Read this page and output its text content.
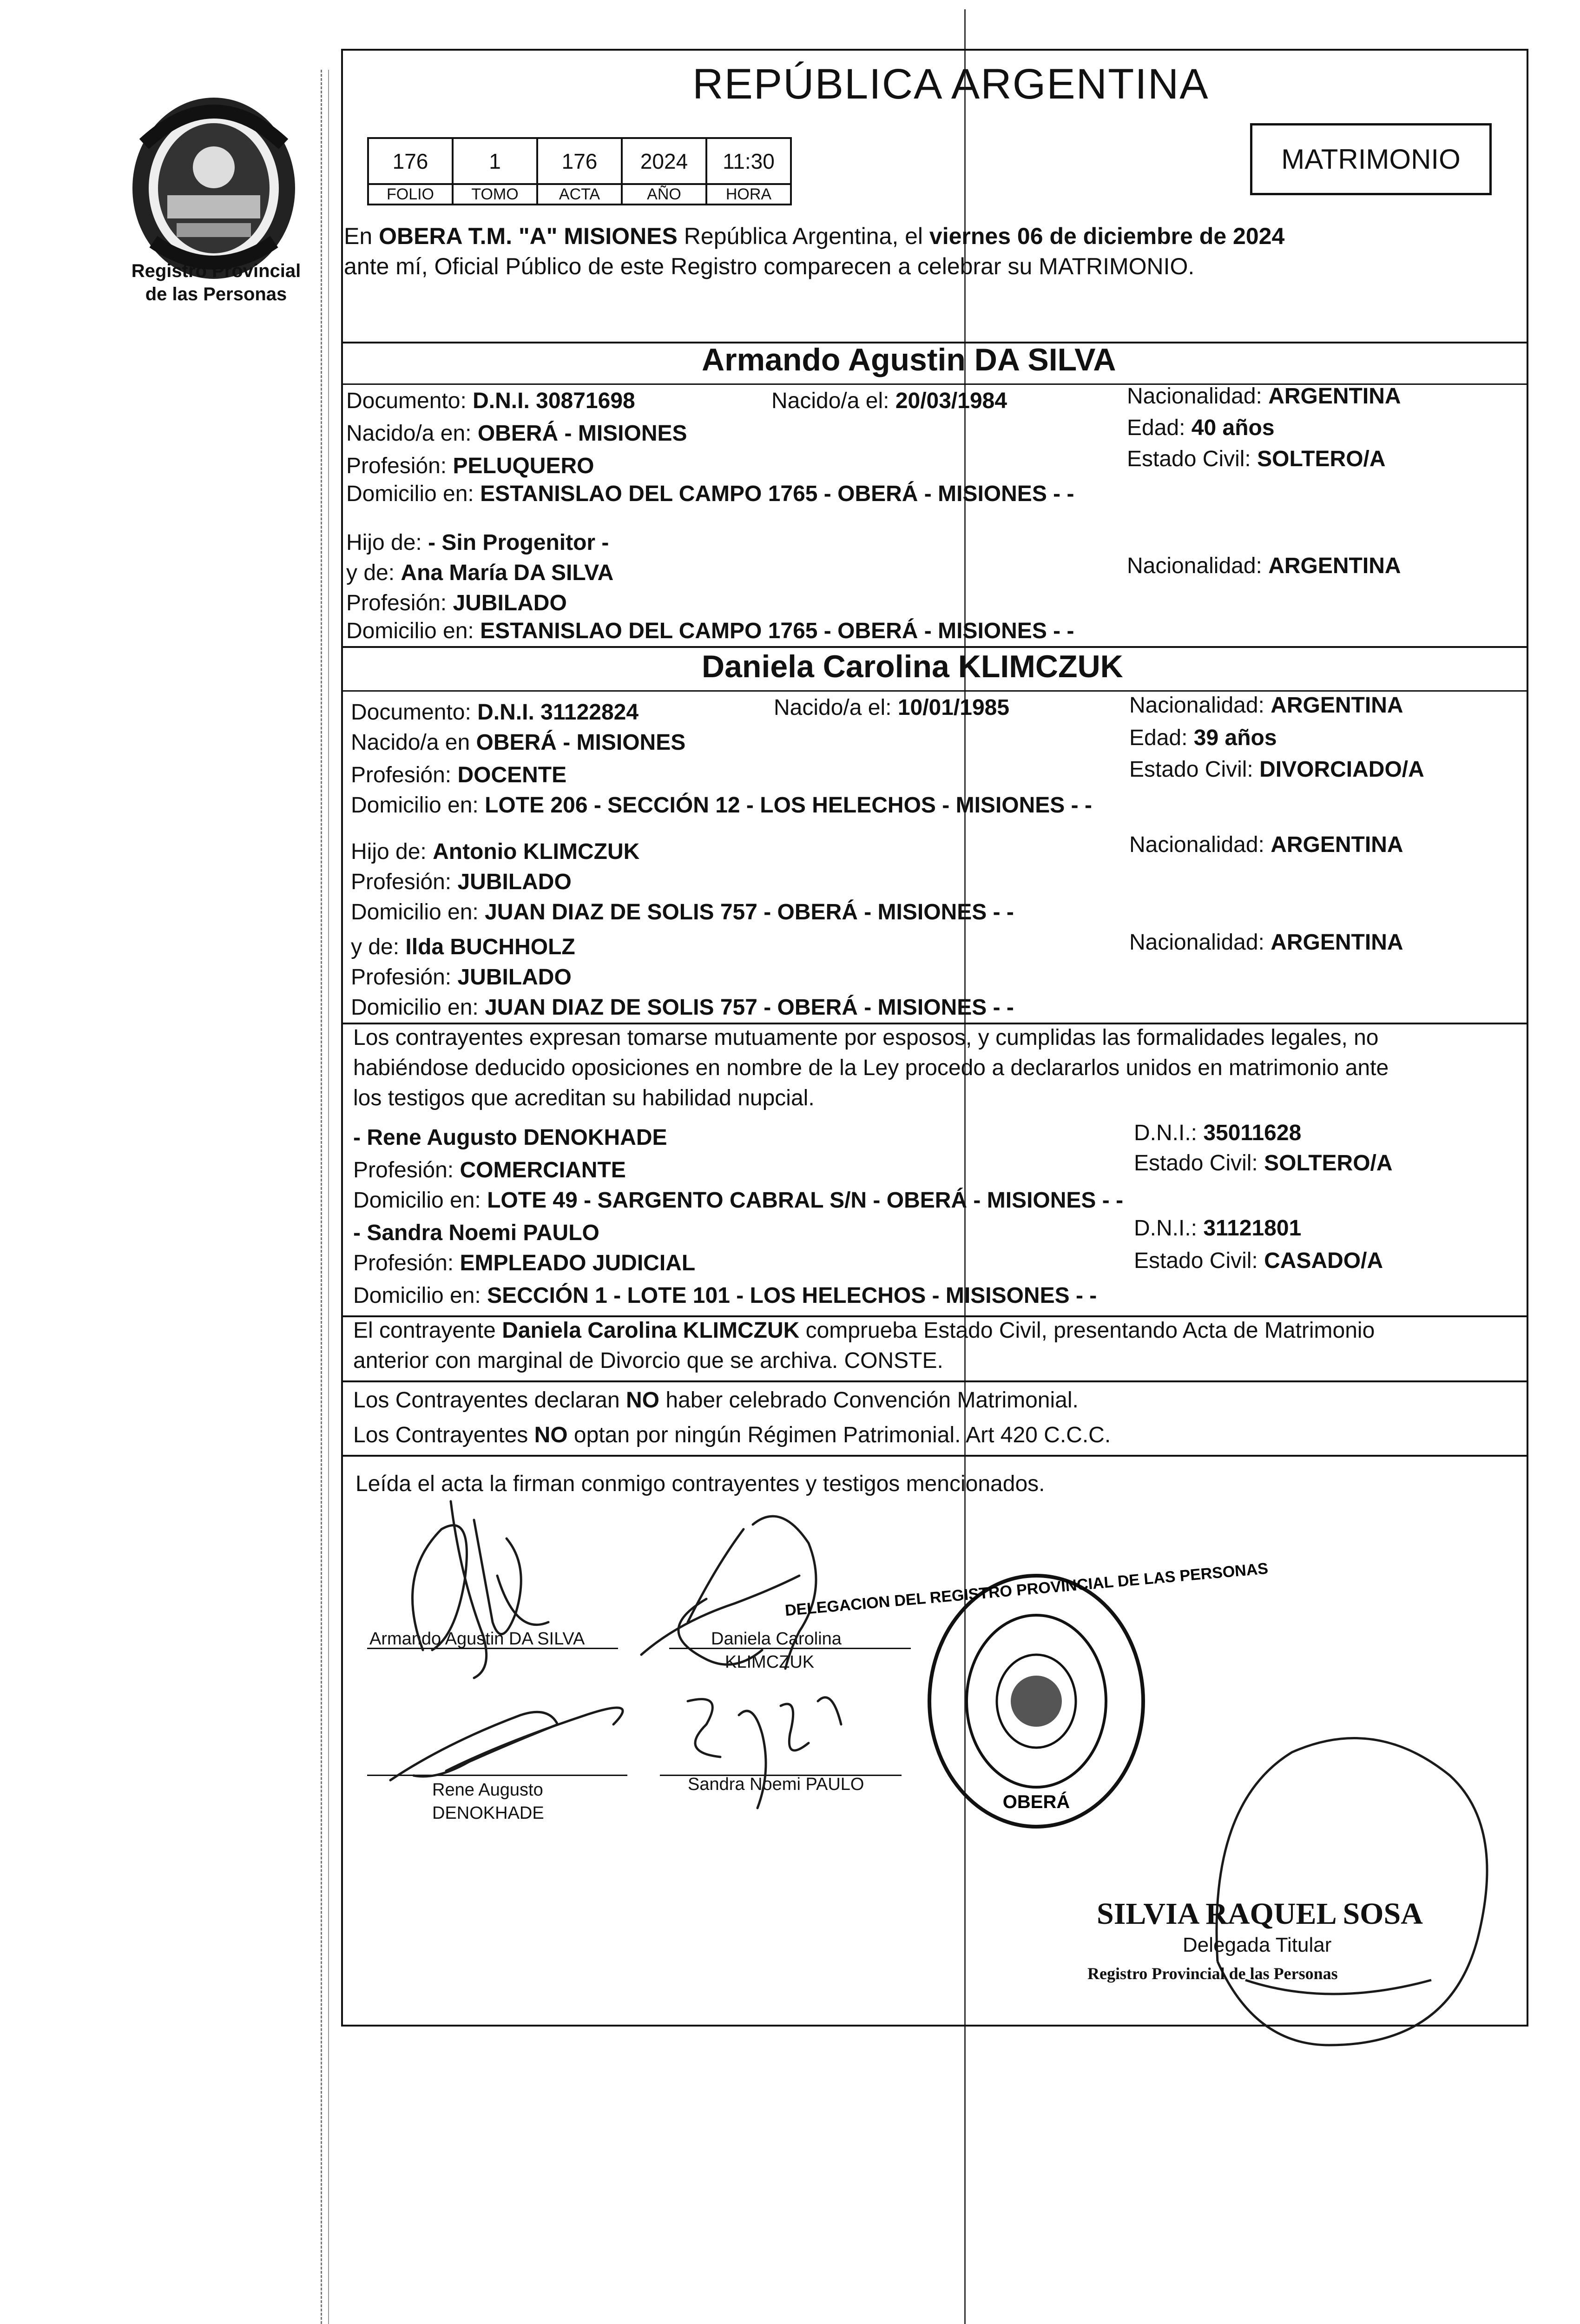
Registro Provincial
de las Personas
REPÚBLICA ARGENTINA
MATRIMONIO
176	1	176	2024	11:30
FOLIO	TOMO	ACTA	AÑO	HORA
En OBERA T.M. "A" MISIONES República Argentina, el viernes 06 de diciembre de 2024
ante mí, Oficial Público de este Registro comparecen a celebrar su MATRIMONIO.
Armando Agustin DA SILVA
Documento: D.N.I. 30871698	Nacido/a el: 20/03/1984	Nacionalidad: ARGENTINA
Nacido/a en: OBERÁ - MISIONES	Edad: 40 años
Profesión: PELUQUERO	Estado Civil: SOLTERO/A
Domicilio en: ESTANISLAO DEL CAMPO 1765 - OBERÁ - MISIONES - -
Hijo de: - Sin Progenitor -
y de: Ana María DA SILVA	Nacionalidad: ARGENTINA
Profesión: JUBILADO
Domicilio en: ESTANISLAO DEL CAMPO 1765 - OBERÁ - MISIONES - -
Daniela Carolina KLIMCZUK
Documento: D.N.I. 31122824	Nacido/a el: 10/01/1985	Nacionalidad: ARGENTINA
Nacido/a en OBERÁ - MISIONES	Edad: 39 años
Profesión: DOCENTE	Estado Civil: DIVORCIADO/A
Domicilio en: LOTE 206 - SECCIÓN 12 - LOS HELECHOS - MISIONES - -
Hijo de: Antonio KLIMCZUK	Nacionalidad: ARGENTINA
Profesión: JUBILADO
Domicilio en: JUAN DIAZ DE SOLIS 757 - OBERÁ - MISIONES - -
y de: Ilda BUCHHOLZ	Nacionalidad: ARGENTINA
Profesión: JUBILADO
Domicilio en: JUAN DIAZ DE SOLIS 757 - OBERÁ - MISIONES - -
Los contrayentes expresan tomarse mutuamente por esposos, y cumplidas las formalidades legales, no
habiéndose deducido oposiciones en nombre de la Ley procedo a declararlos unidos en matrimonio ante
los testigos que acreditan su habilidad nupcial.
- Rene Augusto DENOKHADE	D.N.I.: 35011628
Profesión: COMERCIANTE	Estado Civil: SOLTERO/A
Domicilio en: LOTE 49 - SARGENTO CABRAL S/N - OBERÁ - MISIONES - -
- Sandra Noemi PAULO	D.N.I.: 31121801
Profesión: EMPLEADO JUDICIAL	Estado Civil: CASADO/A
Domicilio en: SECCIÓN 1 - LOTE 101 - LOS HELECHOS - MISISONES - -
El contrayente Daniela Carolina KLIMCZUK comprueba Estado Civil, presentando Acta de Matrimonio
anterior con marginal de Divorcio que se archiva. CONSTE.
Los Contrayentes declaran NO haber celebrado Convención Matrimonial.
Los Contrayentes NO optan por ningún Régimen Patrimonial. Art 420 C.C.C.
Leída el acta la firman conmigo contrayentes y testigos mencionados.
Armando Agustin DA SILVA	Daniela Carolina
KLIMCZUK
Rene Augusto
DENOKHADE
Sandra Noemi PAULO
OBERÁ
DELEGACION DEL REGISTRO PROVINCIAL DE LAS PERSONAS
SILVIA RAQUEL SOSA
Delegada Titular
Registro Provincial de las Personas
